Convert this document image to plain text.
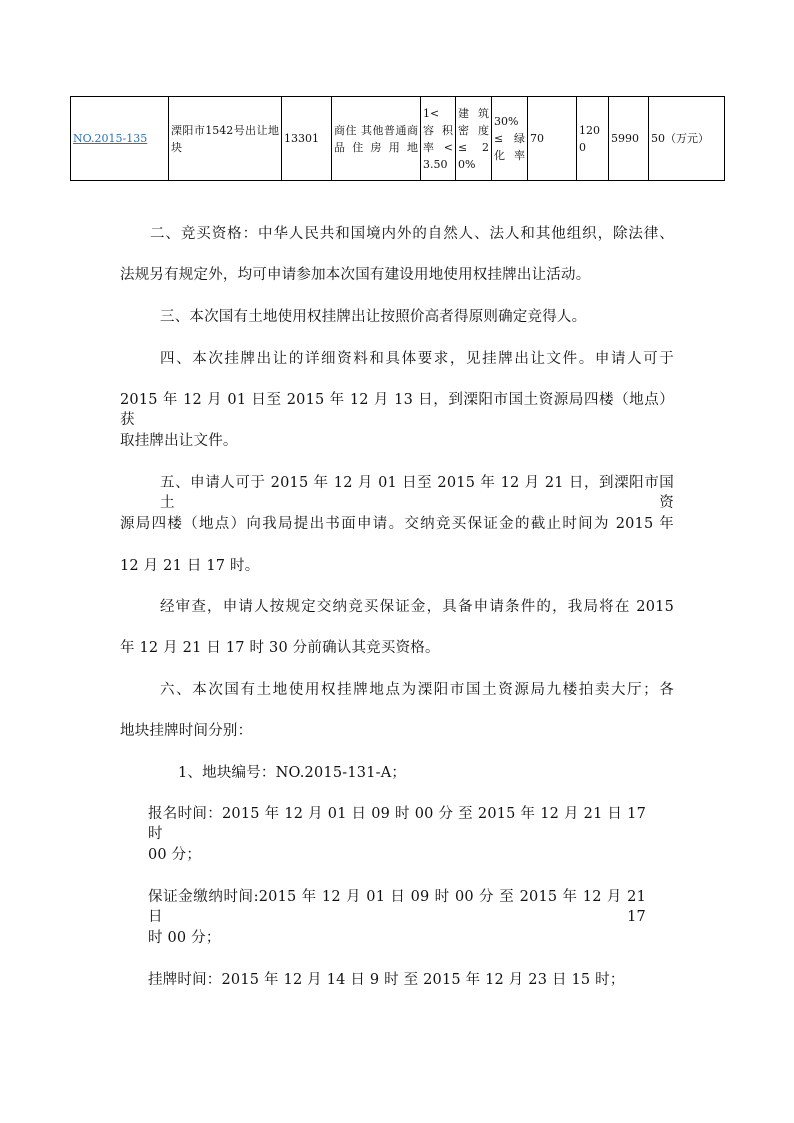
NO.2015-135	溧阳市1542号出让地块	13301	商住 其他普通商品住房用地	1< 容积率 <3.50	建筑密度 ≤ 20%	30% ≤ 绿化率	70	1200	5990	50（万元）
二、竞买资格：中华人民共和国境内外的自然人、法人和其他组织，除法律、
法规另有规定外，均可申请参加本次国有建设用地使用权挂牌出让活动。
三、本次国有土地使用权挂牌出让按照价高者得原则确定竞得人。
四、本次挂牌出让的详细资料和具体要求，见挂牌出让文件。申请人可于
2015 年 12 月 01 日至 2015 年 12 月 13 日，到溧阳市国土资源局四楼（地点）获
取挂牌出让文件。
五、申请人可于 2015 年 12 月 01 日至 2015 年 12 月 21 日，到溧阳市国土资
源局四楼（地点）向我局提出书面申请。交纳竞买保证金的截止时间为 2015 年
12 月 21 日 17 时。
经审查，申请人按规定交纳竞买保证金，具备申请条件的，我局将在 2015
年 12 月 21 日 17 时 30 分前确认其竞买资格。
六、本次国有土地使用权挂牌地点为溧阳市国土资源局九楼拍卖大厅；各
地块挂牌时间分别：
1、地块编号：NO.2015-131-A；
报名时间：2015 年 12 月 01 日 09 时 00 分 至 2015 年 12 月 21 日 17 时
00 分；
保证金缴纳时间:2015 年 12 月 01 日 09 时 00 分 至 2015 年 12 月 21 日 17
时 00 分；
挂牌时间：2015 年 12 月 14 日 9 时 至 2015 年 12 月 23 日 15 时；
